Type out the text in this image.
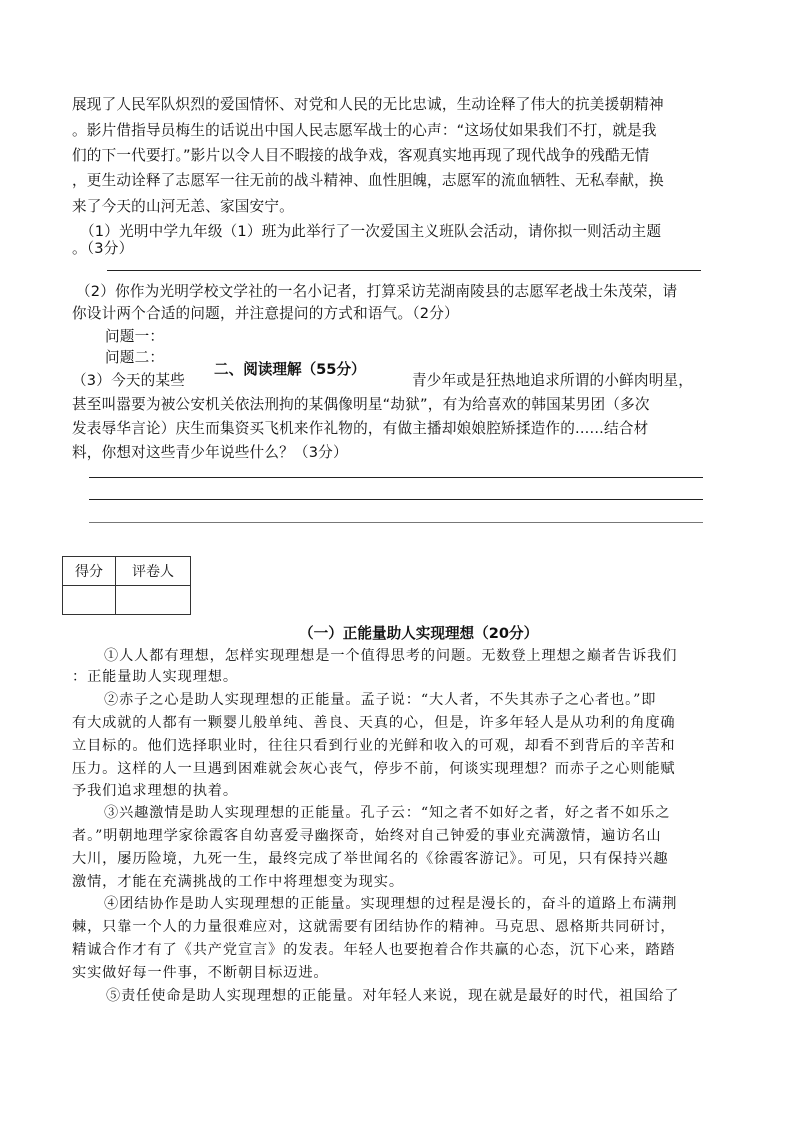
展现了人民军队炽烈的爱国情怀、对党和人民的无比忠诚，生动诠释了伟大的抗美援朝精神
。影片借指导员梅生的话说出中国人民志愿军战士的心声：“这场仗如果我们不打，就是我
们的下一代要打。”影片以令人目不暇接的战争戏，客观真实地再现了现代战争的残酷无情
，更生动诠释了志愿军一往无前的战斗精神、血性胆魄，志愿军的流血牺牲、无私奉献，换
来了今天的山河无恙、家国安宁。
（1）光明中学九年级（1）班为此举行了一次爱国主义班队会活动，请你拟一则活动主题
。（3分）
（2）你作为光明学校文学社的一名小记者，打算采访芜湖南陵县的志愿军老战士朱茂荣，请
你设计两个合适的问题，并注意提问的方式和语气。（2分）
问题一：
问题二：
二、阅读理解（55分）
（3）今天的某些	青少年或是狂热地追求所谓的小鲜肉明星，
甚至叫嚣要为被公安机关依法刑拘的某偶像明星“劫狱”，有为给喜欢的韩国某男团（多次
发表辱华言论）庆生而集资买飞机来作礼物的，有做主播却娘娘腔矫揉造作的......结合材
料，你想对这些青少年说些什么？（3分）
得分	评卷人

（一）正能量助人实现理想（20分）
①人人都有理想，怎样实现理想是一个值得思考的问题。无数登上理想之巅者告诉我们
：正能量助人实现理想。
②赤子之心是助人实现理想的正能量。孟子说：“大人者，不失其赤子之心者也。”即
有大成就的人都有一颗婴儿般单纯、善良、天真的心，但是，许多年轻人是从功利的角度确
立目标的。他们选择职业时，往往只看到行业的光鲜和收入的可观，却看不到背后的辛苦和
压力。这样的人一旦遇到困难就会灰心丧气，停步不前，何谈实现理想？而赤子之心则能赋
予我们追求理想的执着。
③兴趣激情是助人实现理想的正能量。孔子云：“知之者不如好之者，好之者不如乐之
者。”明朝地理学家徐霞客自幼喜爱寻幽探奇，始终对自己钟爱的事业充满激情，遍访名山
大川，屡历险境，九死一生，最终完成了举世闻名的《徐霞客游记》。可见，只有保持兴趣
激情，才能在充满挑战的工作中将理想变为现实。
④团结协作是助人实现理想的正能量。实现理想的过程是漫长的，奋斗的道路上布满荆
棘，只靠一个人的力量很难应对，这就需要有团结协作的精神。马克思、恩格斯共同研讨，
精诚合作才有了《共产党宣言》的发表。年轻人也要抱着合作共赢的心态，沉下心来，踏踏
实实做好每一件事，不断朝目标迈进。
⑤责任使命是助人实现理想的正能量。对年轻人来说，现在就是最好的时代，祖国给了
